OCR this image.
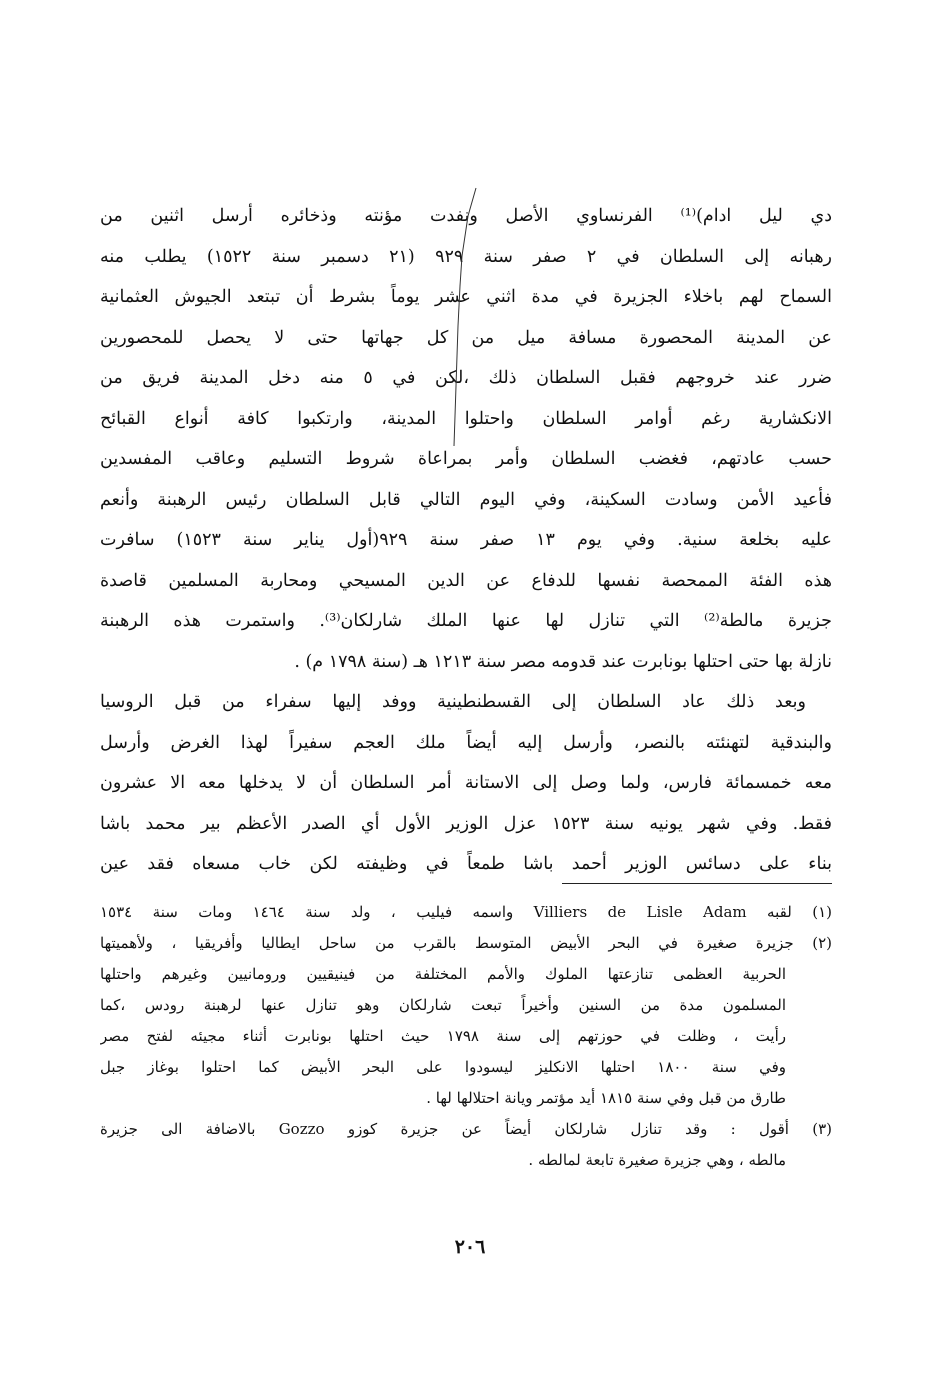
دي ليل ادام)⁽¹⁾ الفرنساوي الأصل ونفدت مؤنته وذخائره أرسل اثنين من
رهبانه إلى السلطان في ٢ صفر سنة ٩٢٩ (٢١ دسمبر سنة ١٥٢٢) يطلب منه
السماح لهم باخلاء الجزيرة في مدة اثني عشر يوماً بشرط أن تبتعد الجيوش العثمانية
عن المدينة المحصورة مسافة ميل من كل جهاتها حتى لا يحصل للمحصورين
ضرر عند خروجهم فقبل السلطان ذلك ،لكن في ٥ منه دخل المدينة فريق من
الانكشارية رغم أوامر السلطان واحتلوا المدينة، وارتكبوا كافة أنواع القبائح
حسب عادتهم، فغضب السلطان وأمر بمراعاة شروط التسليم وعاقب المفسدين
فأعيد الأمن وسادت السكينة، وفي اليوم التالي قابل السلطان رئيس الرهبنة وأنعم
عليه بخلعة سنية. وفي يوم ١٣ صفر سنة ٩٢٩(أول يناير سنة ١٥٢٣) سافرت
هذه الفئة الممحصة نفسها للدفاع عن الدين المسيحي ومحاربة المسلمين قاصدة
جزيرة مالطة⁽²⁾ التي تنازل لها عنها الملك شارلكان⁽³⁾. واستمرت هذه الرهبنة
نازلة بها حتى احتلها بونابرت عند قدومه مصر سنة ١٢١٣ هـ (سنة ١٧٩٨ م) .
وبعد ذلك عاد السلطان إلى القسطنطينية ووفد إليها سفراء من قبل الروسيا
والبندقية لتهنئته بالنصر، وأرسل إليه أيضاً ملك العجم سفيراً لهذا الغرض وأرسل
معه خمسمائة فارس، ولما وصل إلى الاستانة أمر السلطان أن لا يدخلها معه الا عشرون
فقط. وفي شهر يونيه سنة ١٥٢٣ عزل الوزير الأول أي الصدر الأعظم بير محمد باشا
بناء على دسائس الوزير أحمد باشا طمعاً في وظيفته لكن خاب مسعاه فقد عين
(١) لقبه Villiers de Lisle Adam واسمه فيليب ، ولد سنة ١٤٦٤ ومات سنة ١٥٣٤
(٢) جزيرة صغيرة في البحر الأبيض المتوسط بالقرب من ساحل ايطاليا وأفريقيا ، ولأهميتها
الحربية العظمى تنازعتها الملوك والأمم المختلفة من فينيقيين ورومانيين وغيرهم واحتلها
المسلمون مدة من السنين وأخيراً تبعت شارلكان وهو تنازل عنها لرهبنة رودس ،كما
رأيت ، وظلت في حوزتهم إلى سنة ١٧٩٨ حيث احتلها بونابرت أثناء مجيئه لفتح مصر
وفي سنة ١٨٠٠ احتلها الانكليز ليسودوا على البحر الأبيض كما احتلوا بوغاز جبل
طارق من قبل وفي سنة ١٨١٥ أيد مؤتمر ويانة احتلالها لها .
(٣) أقول : وقد تنازل شارلكان أيضاً عن جزيرة كوزو Gozzo بالاضافة الى جزيرة
مالطه ، وهي جزيرة صغيرة تابعة لمالطه .
٢٠٦
